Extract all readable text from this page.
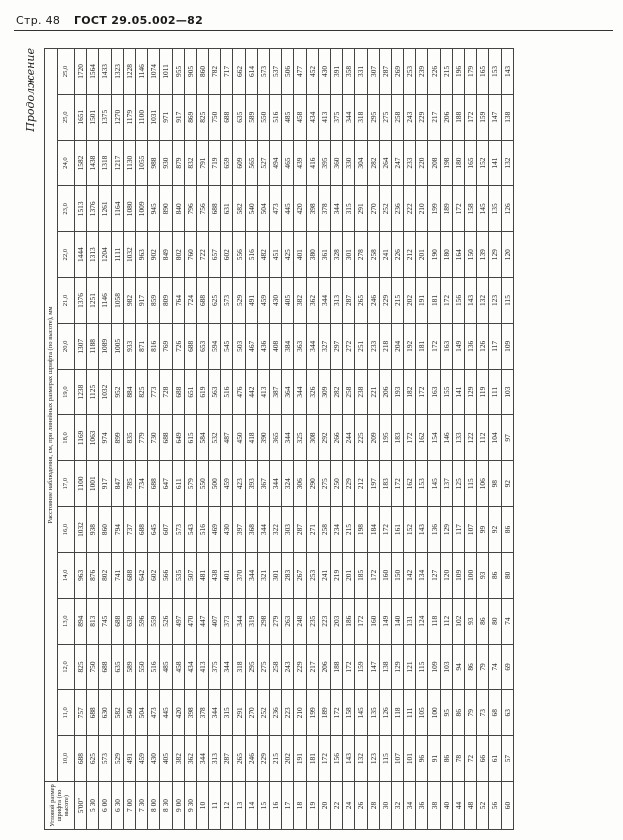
Стр. 48 ГОСТ 29.05.002—82
Продолжение
Угловой размер шрифта (по высоте)	Расстояние наблюдения, см, при линейных размерах шрифта (по высоте), мм															
	10,0	11,0	12,0	13,0	14,0	16,0	17,0	18,0	19,0	20,0	21,0	22,0	23,0	24,0	25,0	25,0
5'00"	688	757	825	894	963	1032	1100	1169	1238	1307	1376	1444	1513	1582	1651	1720
5 30	625	688	750	813	876	938	1001	1063	1125	1188	1251	1313	1376	1438	1501	1564
6 00	573	630	688	745	802	860	917	974	1032	1089	1146	1204	1261	1318	1375	1433
6 30	529	582	635	688	741	794	847	899	952	1005	1058	1111	1164	1217	1270	1323
7 00	491	540	589	639	688	737	785	835	884	933	982	1032	1080	1130	1179	1228
7 30	459	504	550	596	642	688	734	779	825	871	917	963	1009	1055	1100	1146
8 00	430	473	516	559	602	645	688	730	773	816	859	902	945	988	1031	1074
8 30	405	445	485	526	566	607	647	688	728	769	809	849	890	930	971	1011
9 00	382	420	458	497	535	573	611	649	688	726	764	802	840	879	917	955
9 30	362	398	434	470	507	543	579	615	651	688	724	760	796	832	869	905
10	344	378	413	447	481	516	550	584	619	653	688	722	756	791	825	860
11	313	344	375	407	438	469	500	532	563	594	625	657	688	719	750	782
12	287	315	344	373	401	430	459	487	516	545	573	602	631	659	688	717
13	265	291	318	344	370	397	423	450	476	503	529	556	582	609	635	662
14	246	270	295	319	344	368	393	418	442	467	491	516	540	565	589	614
15	229	252	275	298	321	344	367	390	413	436	459	482	504	527	550	573
16	215	236	258	279	301	322	344	365	387	408	430	451	473	494	516	537
17	202	223	243	263	283	303	324	344	364	384	405	425	445	465	485	506
18	191	210	229	248	267	287	306	325	344	363	382	401	420	439	458	477
19	181	199	217	235	253	271	290	308	326	344	362	380	398	416	434	452
20	172	189	206	223	241	258	275	292	309	327	344	361	378	395	413	430
22	156	172	188	203	219	234	250	266	282	297	313	328	344	360	375	391
24	143	158	172	186	201	215	229	244	258	272	287	301	315	330	344	358
26	132	145	159	172	185	198	212	225	238	251	265	278	291	304	318	331
28	123	135	147	160	172	184	197	209	221	233	246	258	270	282	295	307
30	115	126	138	149	160	172	183	195	206	218	229	241	252	264	275	287
32	107	118	129	140	150	161	172	183	193	204	215	226	236	247	258	269
34	101	111	121	131	142	152	162	172	182	192	202	212	222	233	243	253
36	96	105	115	124	134	143	153	162	172	181	191	201	210	220	229	239
38	91	100	109	118	127	136	145	154	163	172	181	190	199	208	217	226
40	86	95	103	112	120	129	137	146	155	163	172	180	189	198	206	215
44	78	86	94	102	109	117	125	133	141	149	156	164	172	180	188	196
48	72	79	86	93	100	107	115	122	129	136	143	150	158	165	172	179
52	66	73	79	86	93	99	106	112	119	126	132	139	145	152	159	165
56	61	68	74	80	86	92	98	104	111	117	123	129	135	141	147	153
60	57	63	69	74	80	86	92	97	103	109	115	120	126	132	138	143
